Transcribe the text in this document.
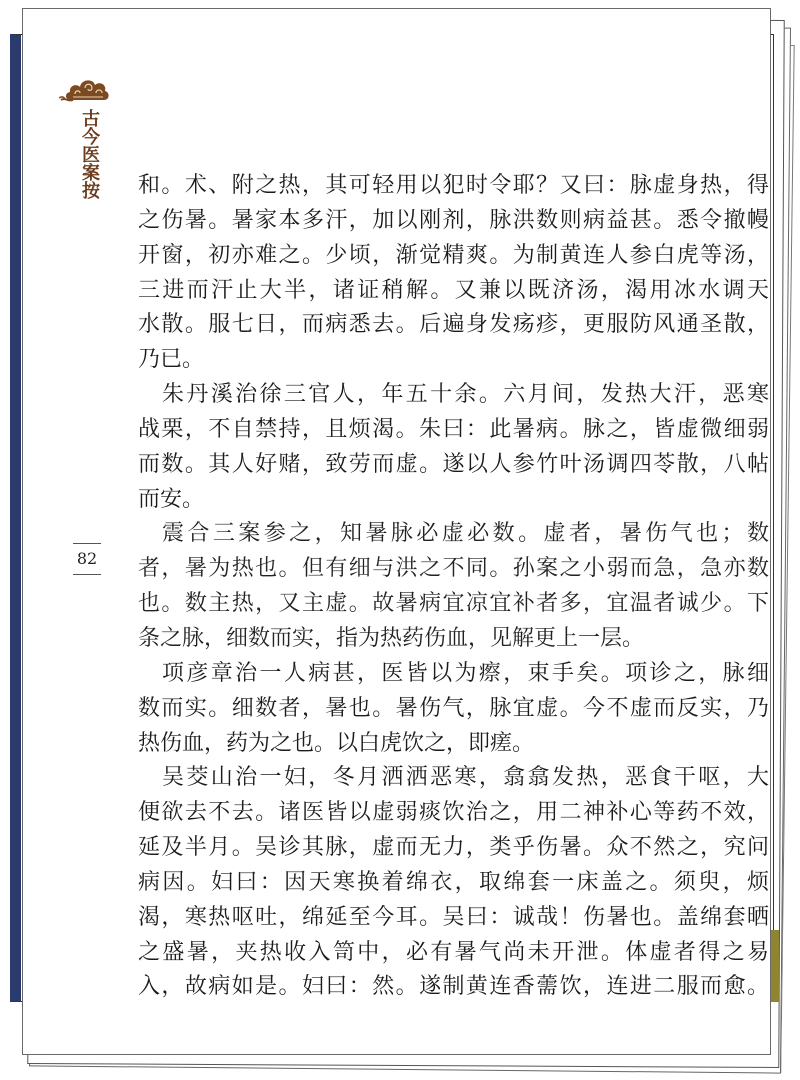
古今医案按
82
和。术、附之热，其可轻用以犯时令耶？又曰：脉虚身热，得
之伤暑。暑家本多汗，加以刚剂，脉洪数则病益甚。悉令撤幔
开窗，初亦难之。少顷，渐觉精爽。为制黄连人参白虎等汤，
三进而汗止大半，诸证稍解。又兼以既济汤，渴用冰水调天
水散。服七日，而病悉去。后遍身发疡疹，更服防风通圣散，
乃已。
朱丹溪治徐三官人，年五十余。六月间，发热大汗，恶寒
战栗，不自禁持，且烦渴。朱曰：此暑病。脉之，皆虚微细弱
而数。其人好赌，致劳而虚。遂以人参竹叶汤调四苓散，八帖
而安。
震合三案参之，知暑脉必虚必数。虚者，暑伤气也；数
者，暑为热也。但有细与洪之不同。孙案之小弱而急，急亦数
也。数主热，又主虚。故暑病宜凉宜补者多，宜温者诚少。下
条之脉，细数而实，指为热药伤血，见解更上一层。
项彦章治一人病甚，医皆以为瘵，束手矣。项诊之，脉细
数而实。细数者，暑也。暑伤气，脉宜虚。今不虚而反实，乃
热伤血，药为之也。以白虎饮之，即瘥。
吴茭山治一妇，冬月洒洒恶寒，翕翕发热，恶食干呕，大
便欲去不去。诸医皆以虚弱痰饮治之，用二神补心等药不效，
延及半月。吴诊其脉，虚而无力，类乎伤暑。众不然之，究问
病因。妇曰：因天寒换着绵衣，取绵套一床盖之。须臾，烦
渴，寒热呕吐，绵延至今耳。吴曰：诚哉！伤暑也。盖绵套晒
之盛暑，夹热收入笥中，必有暑气尚未开泄。体虚者得之易
入，故病如是。妇曰：然。遂制黄连香薷饮，连进二服而愈。
